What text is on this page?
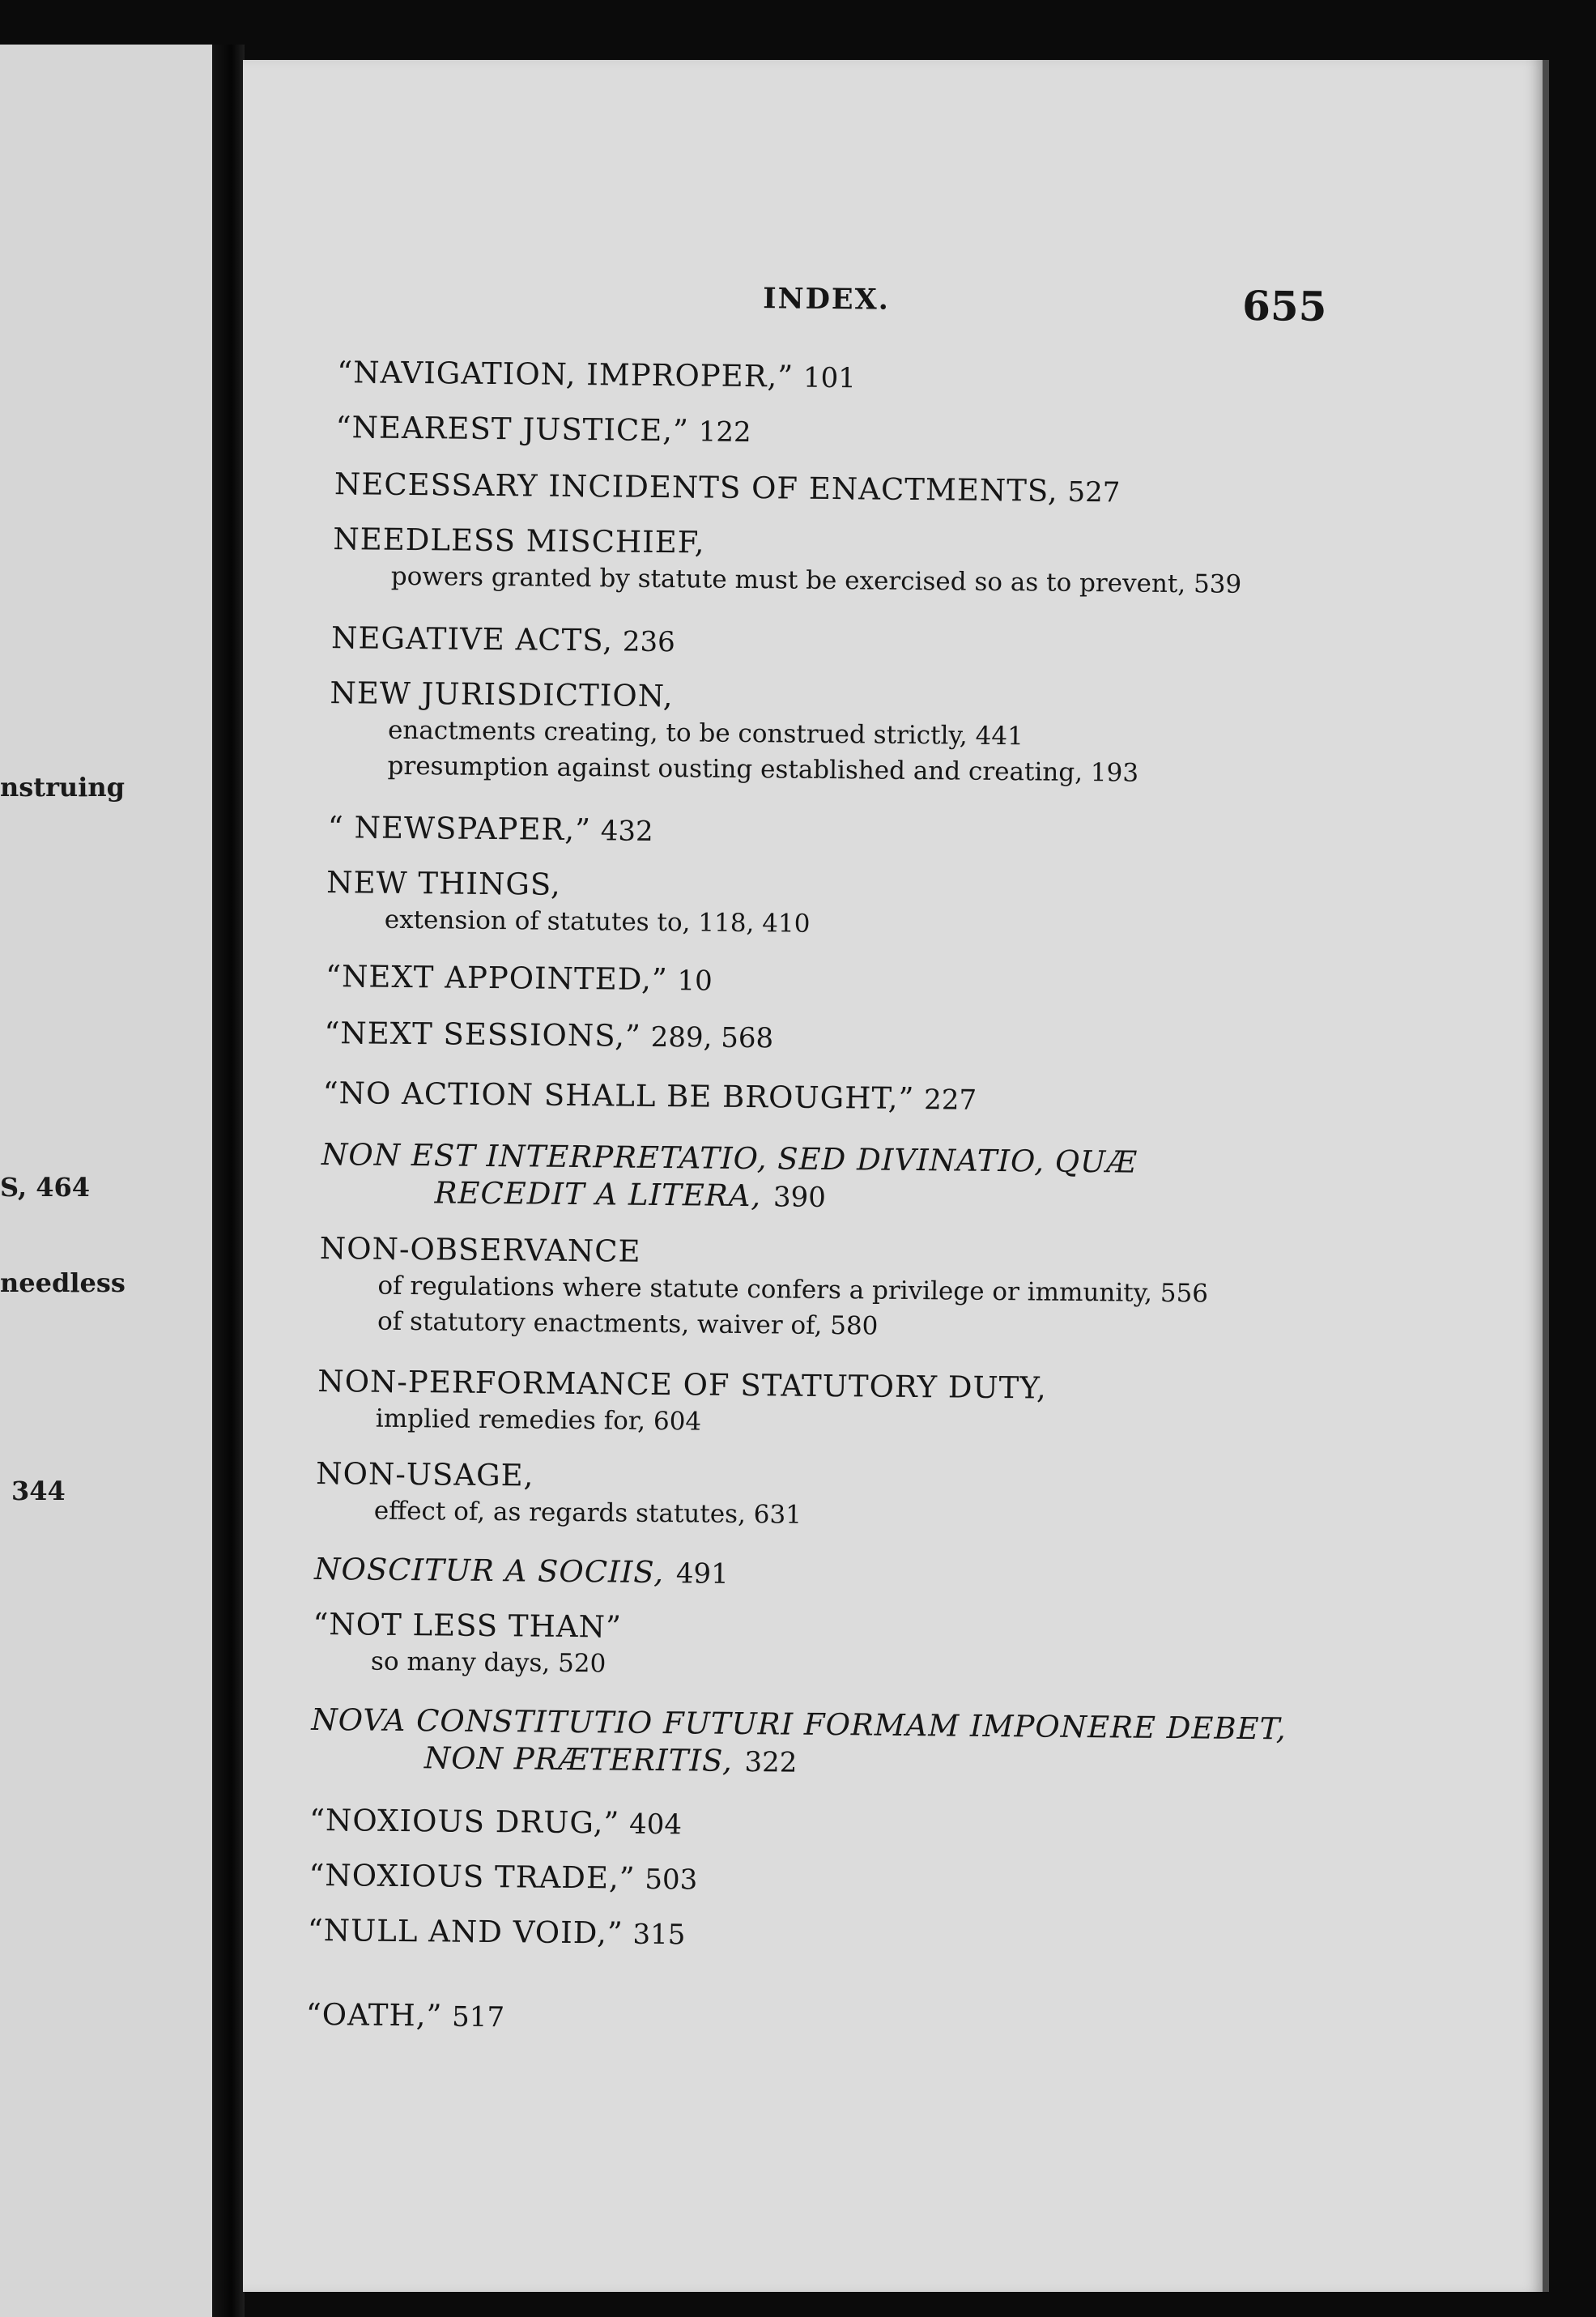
nstruing
S, 464
needless
344
INDEX.	655
“NAVIGATION, IMPROPER,” 101
“NEAREST JUSTICE,” 122
NECESSARY INCIDENTS OF ENACTMENTS, 527
NEEDLESS MISCHIEF,
powers granted by statute must be exercised so as to prevent, 539
NEGATIVE ACTS, 236
NEW JURISDICTION,
enactments creating, to be construed strictly, 441
presumption against ousting established and creating, 193
“ NEWSPAPER,” 432
NEW THINGS,
extension of statutes to, 118, 410
“NEXT APPOINTED,” 10
“NEXT SESSIONS,” 289, 568
“NO ACTION SHALL BE BROUGHT,” 227
NON EST INTERPRETATIO, SED DIVINATIO, QUÆ
RECEDIT A LITERA, 390
NON-OBSERVANCE
of regulations where statute confers a privilege or immunity, 556
of statutory enactments, waiver of, 580
NON-PERFORMANCE OF STATUTORY DUTY,
implied remedies for, 604
NON-USAGE,
effect of, as regards statutes, 631
NOSCITUR A SOCIIS, 491
“NOT LESS THAN”
so many days, 520
NOVA CONSTITUTIO FUTURI FORMAM IMPONERE DEBET,
NON PRÆTERITIS, 322
“NOXIOUS DRUG,” 404
“NOXIOUS TRADE,” 503
“NULL AND VOID,” 315
“OATH,” 517
